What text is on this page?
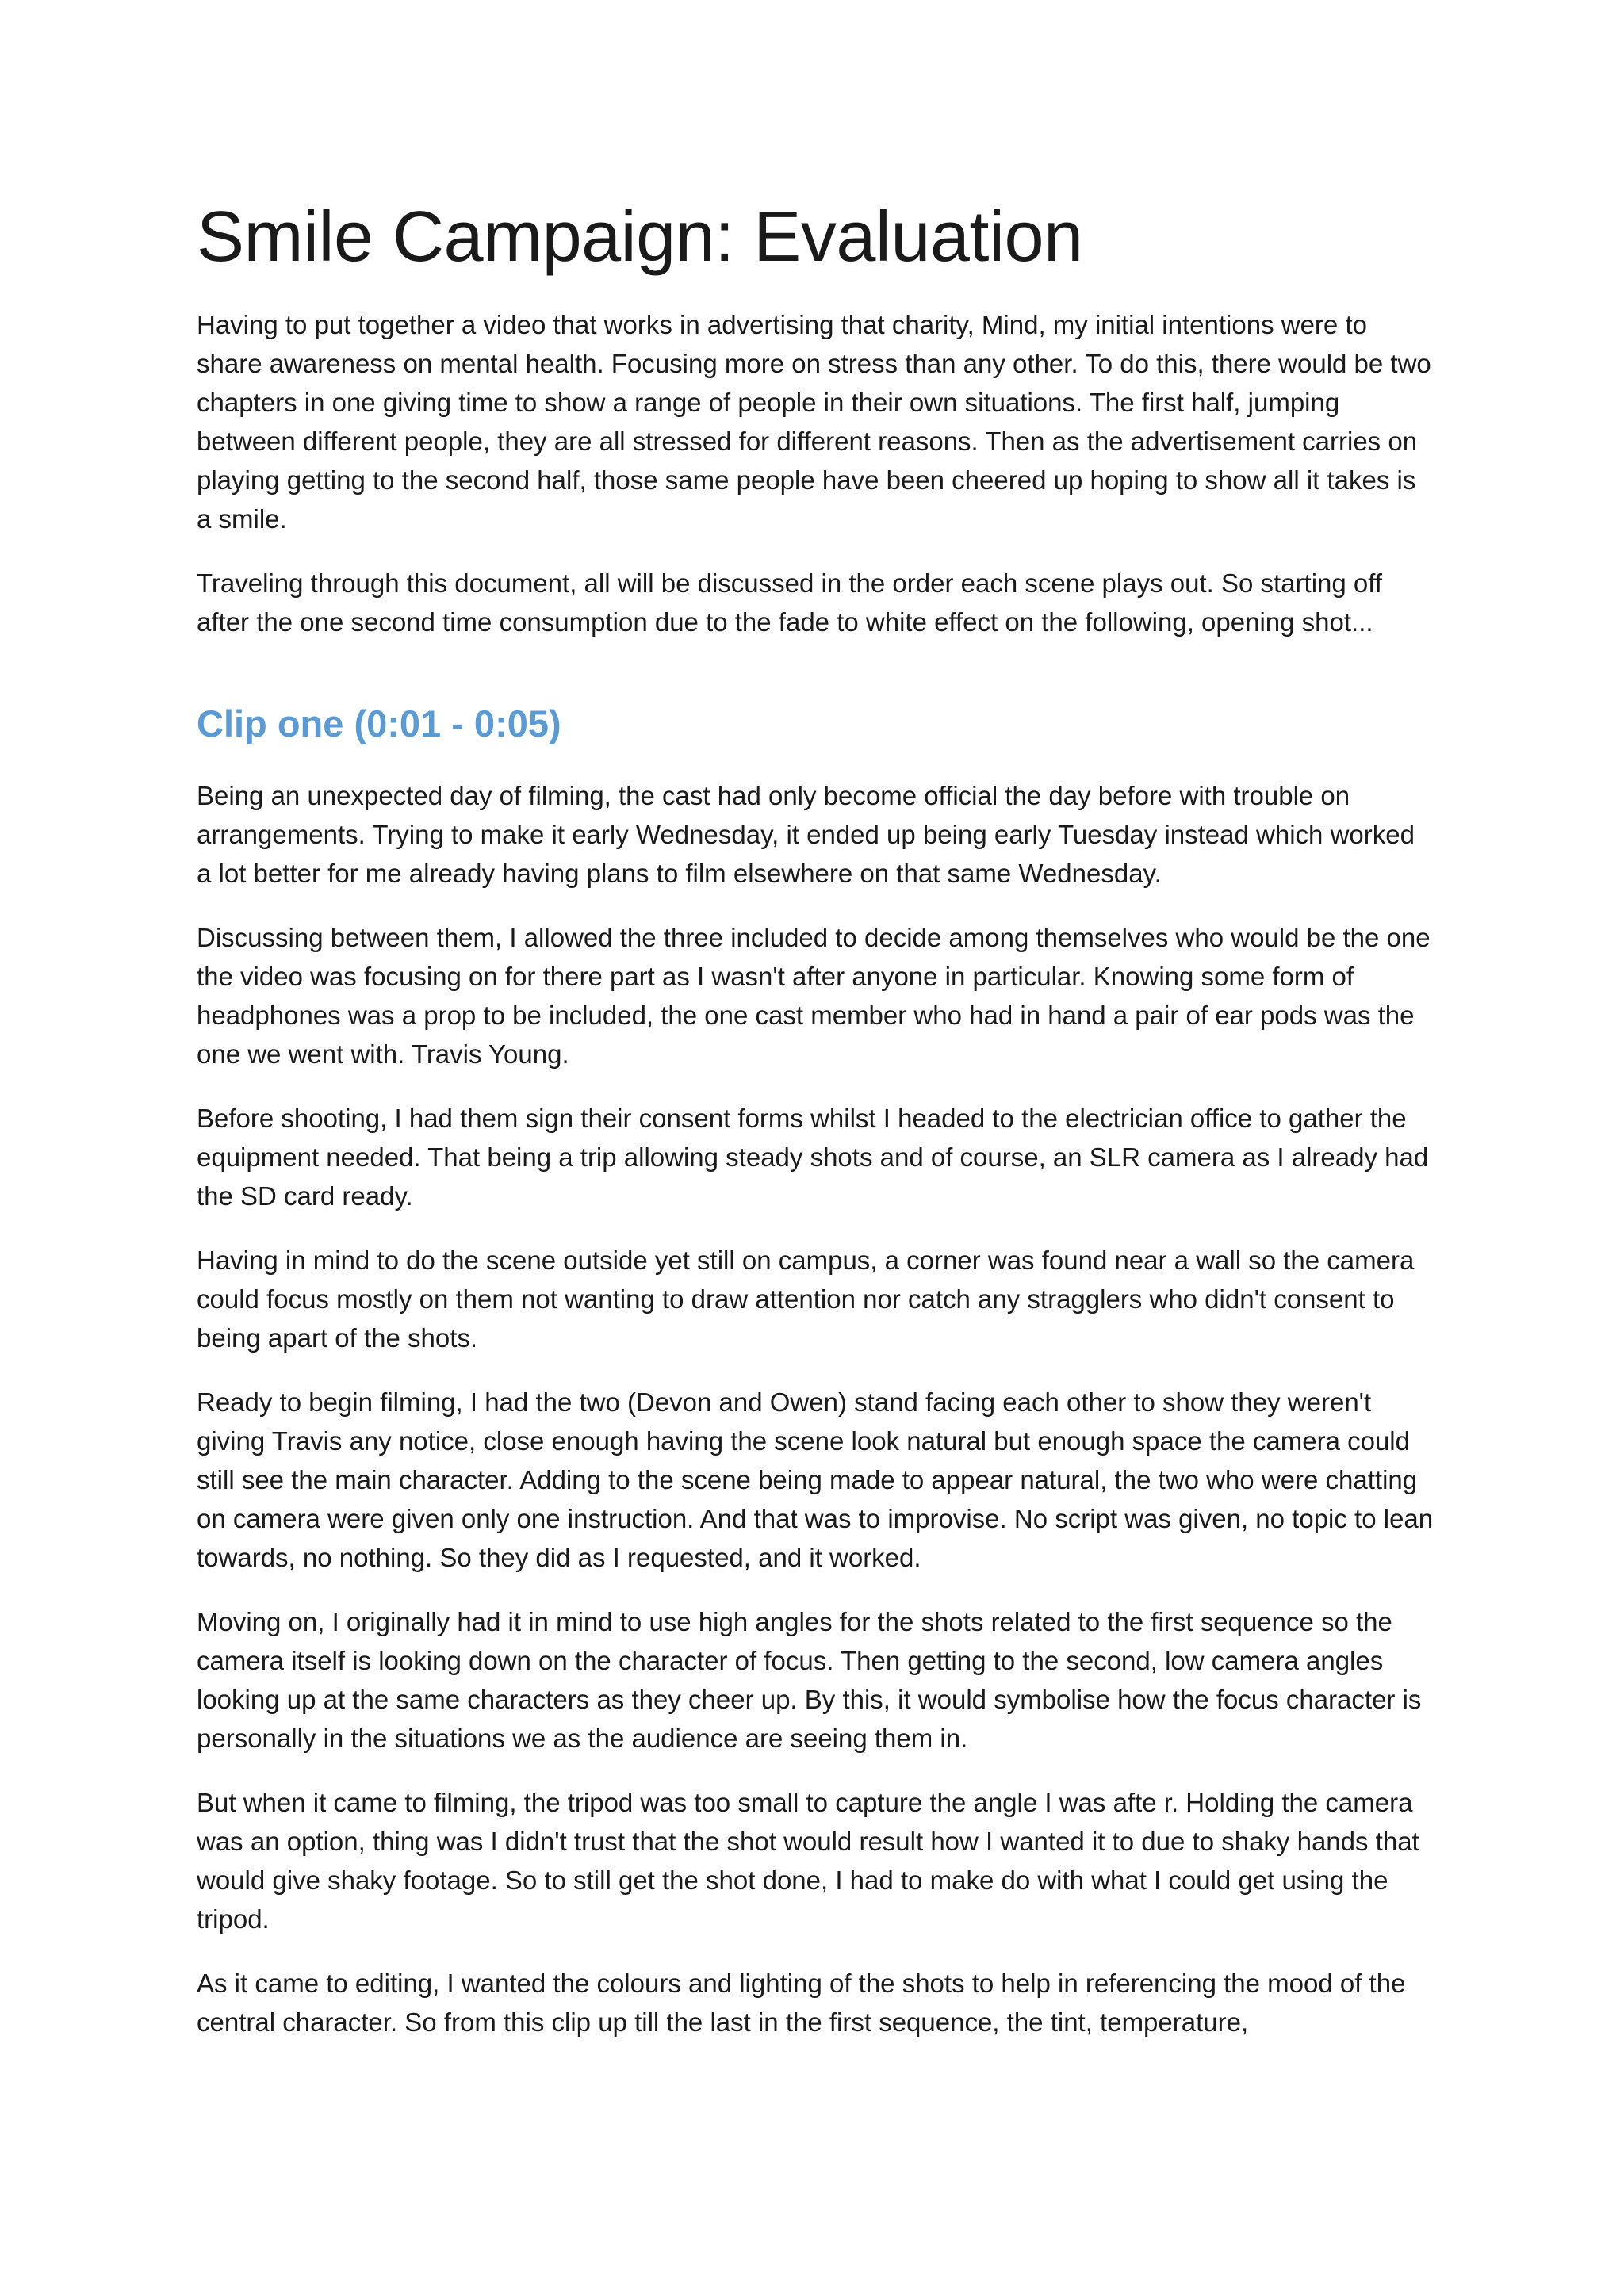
Smile Campaign: Evaluation

Having to put together a video that works in advertising that charity, Mind, my initial intentions were to share awareness on mental health. Focusing more on stress than any other. To do this, there would be two chapters in one giving time to show a range of people in their own situations. The first half, jumping between different people, they are all stressed for different reasons. Then as the advertisement carries on playing getting to the second half, those same people have been cheered up hoping to show all it takes is a smile.

Traveling through this document, all will be discussed in the order each scene plays out. So starting off after the one second time consumption due to the fade to white effect on the following, opening shot...

Clip one (0:01 - 0:05)

Being an unexpected day of filming, the cast had only become official the day before with trouble on arrangements. Trying to make it early Wednesday, it ended up being early Tuesday instead which worked a lot better for me already having plans to film elsewhere on that same Wednesday.

Discussing between them, I allowed the three included to decide among themselves who would be the one the video was focusing on for there part as I wasn't after anyone in particular. Knowing some form of headphones was a prop to be included, the one cast member who had in hand a pair of ear pods was the one we went with. Travis Young.

Before shooting, I had them sign their consent forms whilst I headed to the electrician office to gather the equipment needed. That being a trip allowing steady shots and of course, an SLR camera as I already had the SD card ready.

Having in mind to do the scene outside yet still on campus, a corner was found near a wall so the camera could focus mostly on them not wanting to draw attention nor catch any stragglers who didn't consent to being apart of the shots.

Ready to begin filming, I had the two (Devon and Owen) stand facing each other to show they weren't giving Travis any notice, close enough having the scene look natural but enough space the camera could still see the main character. Adding to the scene being made to appear natural, the two who were chatting on camera were given only one instruction. And that was to improvise. No script was given, no topic to lean towards, no nothing. So they did as I requested, and it worked.

Moving on, I originally had it in mind to use high angles for the shots related to the first sequence so the camera itself is looking down on the character of focus. Then getting to the second, low camera angles looking up at the same characters as they cheer up. By this, it would symbolise how the focus character is personally in the situations we as the audience are seeing them in.

But when it came to filming, the tripod was too small to capture the angle I was afte r. Holding the camera was an option, thing was I didn't trust that the shot would result how I wanted it to due to shaky hands that would give shaky footage. So to still get the shot done, I had to make do with what I could get using the tripod.

As it came to editing, I wanted the colours and lighting of the shots to help in referencing the mood of the central character. So from this clip up till the last in the first sequence, the tint, temperature,
